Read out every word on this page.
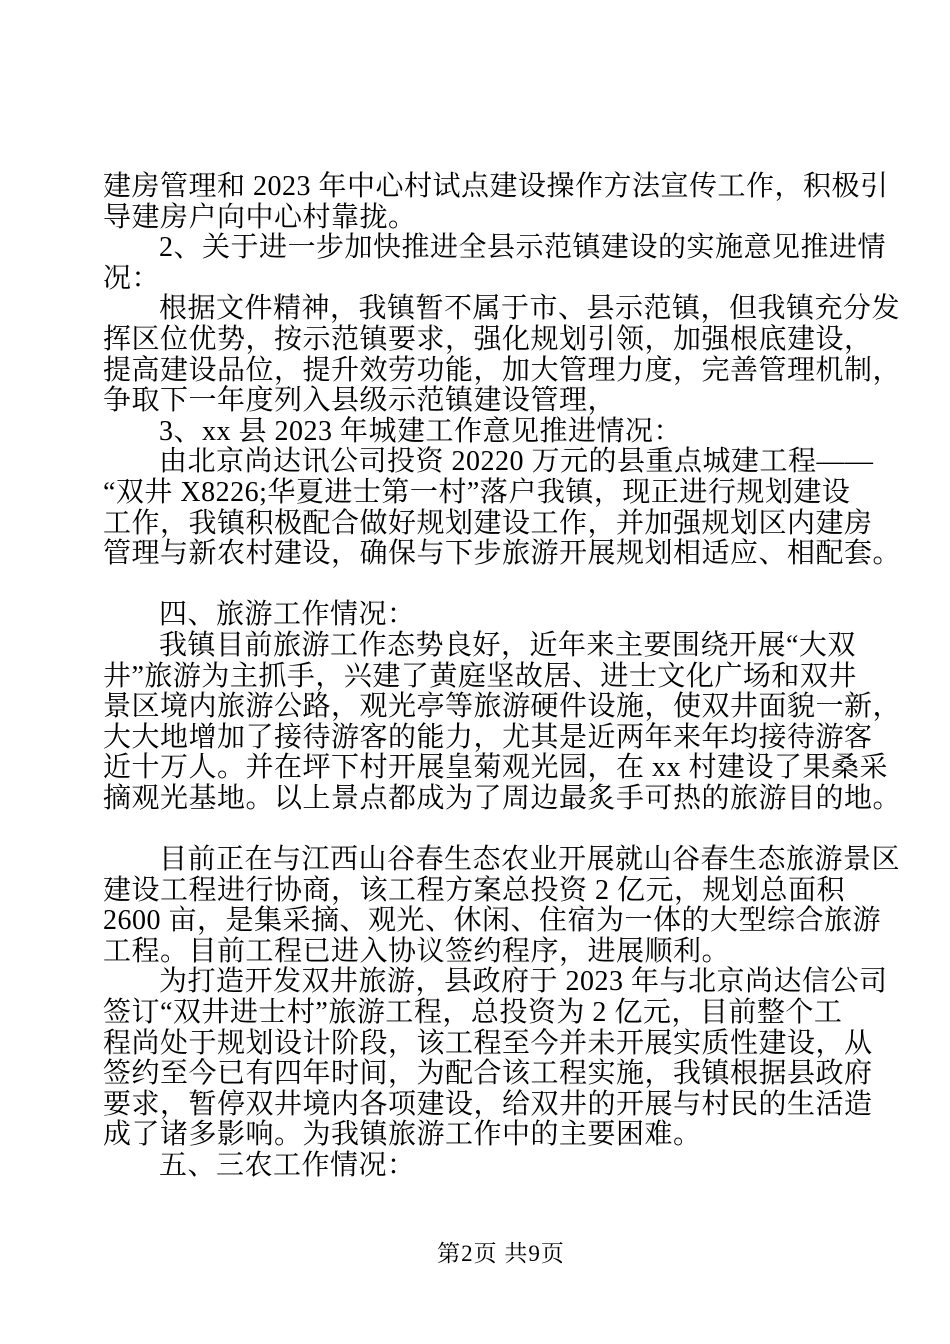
建房管理和 2023 年中心村试点建设操作方法宣传工作，积极引
导建房户向中心村靠拢。
2、关于进一步加快推进全县示范镇建设的实施意见推进情
况：
根据文件精神，我镇暂不属于市、县示范镇，但我镇充分发
挥区位优势，按示范镇要求，强化规划引领，加强根底建设，
提高建设品位，提升效劳功能，加大管理力度，完善管理机制，
争取下一年度列入县级示范镇建设管理，
3、xx 县 2023 年城建工作意见推进情况：
由北京尚达讯公司投资 20220 万元的县重点城建工程——
“双井 X8226;华夏进士第一村”落户我镇，现正进行规划建设
工作，我镇积极配合做好规划建设工作，并加强规划区内建房
管理与新农村建设，确保与下步旅游开展规划相适应、相配套。
四、旅游工作情况：
我镇目前旅游工作态势良好，近年来主要围绕开展“大双
井”旅游为主抓手，兴建了黄庭坚故居、进士文化广场和双井
景区境内旅游公路，观光亭等旅游硬件设施，使双井面貌一新，
大大地增加了接待游客的能力，尤其是近两年来年均接待游客
近十万人。并在坪下村开展皇菊观光园，在 xx 村建设了果桑采
摘观光基地。以上景点都成为了周边最炙手可热的旅游目的地。
目前正在与江西山谷春生态农业开展就山谷春生态旅游景区
建设工程进行协商，该工程方案总投资 2 亿元，规划总面积
2600 亩，是集采摘、观光、休闲、住宿为一体的大型综合旅游
工程。目前工程已进入协议签约程序，进展顺利。
为打造开发双井旅游，县政府于 2023 年与北京尚达信公司
签订“双井进士村”旅游工程，总投资为 2 亿元，目前整个工
程尚处于规划设计阶段，该工程至今并未开展实质性建设，从
签约至今已有四年时间，为配合该工程实施，我镇根据县政府
要求，暂停双井境内各项建设，给双井的开展与村民的生活造
成了诸多影响。为我镇旅游工作中的主要困难。
五、三农工作情况：
第2页 共9页
